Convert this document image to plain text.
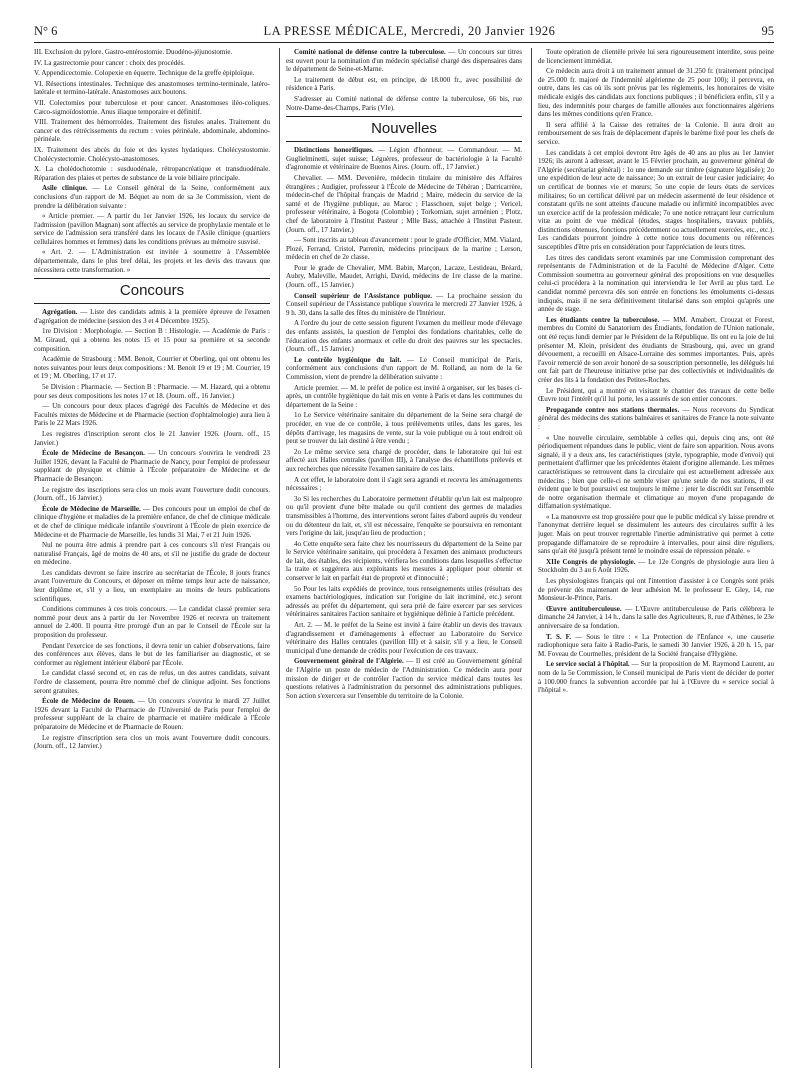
N° 6	LA PRESSE MÉDICALE, Mercredi, 20 Janvier 1926	95

III. Exclusion du pylore. Gastro-entérostomie. Duodéno-jéjunostomie.

IV. La gastrectomie pour cancer : choix des procédés.

V. Appendicectomie. Colopexie en équerre. Technique de la greffe épiploïque.

VI. Résections intestinales. Technique des anastomoses termino-terminale, latéro-latérale et termino-latérale. Anastomoses aux boutons.

VII. Colectomies pour tuberculose et pour cancer. Anastomoses iléo-coliques. Cæco-sigmoïdostomie. Anus iliaque temporaire et définitif.

VIII. Traitement des hémorroïdes. Traitement des fistules anales. Traitement du cancer et des rétrécissements du rectum : voies périnéale, abdominale, abdomino-périnéale.

IX. Traitement des abcès du foie et des kystes hydatiques. Cholécystostomie. Cholécystectomie. Cholécysto-anastomoses.

X. La cholédochotomie : susduodénale, rétropancréatique et transduodénale. Réparation des plaies et pertes de substance de la voie biliaire principale.

Asile clinique. — Le Conseil général de la Seine, conformément aux conclusions d'un rapport de M. Béquet au nom de sa 3e Commission, vient de prendre la délibération suivante :

« Article premier. — A partir du 1er Janvier 1926, les locaux du service de l'admission (pavillon Magnan) sont affectés au service de prophylaxie mentale et le service de l'admission sera transféré dans les locaux de l'Asile clinique (quartiers cellulaires hommes et femmes) dans les conditions prévues au mémoire susvisé.

« Art. 2. — L'Administration est invitée à soumettre à l'Assemblée départementale, dans le plus bref délai, les projets et les devis des travaux que nécessitera cette transformation. »

Concours

Agrégation. — Liste des candidats admis à la première épreuve de l'examen d'agrégation de médecine (session des 3 et 4 Décembre 1925).

1re Division : Morphologie. — Section B : Histologie. — Académie de Paris : M. Giraud, qui a obtenu les notes 15 et 15 pour sa première et sa seconde composition.

Académie de Strasbourg : MM. Benoit, Courrier et Oberling, qui ont obtenu les notes suivantes pour leurs deux compositions : M. Benoit 19 et 19 ; M. Courrier, 19 et 19 ; M. Oberling, 17 et 17.

5e Division : Pharmacie. — Section B : Pharmacie. — M. Hazard, qui a obtenu pour ses deux compositions les notes 17 et 18. (Journ. off., 16 Janvier.)

— Un concours pour deux places d'agrégé des Facultés de Médecine et des Facultés mixtes de Médecine et de Pharmacie (section d'ophtalmologie) aura lieu à Paris le 22 Mars 1926.

Les registres d'inscription seront clos le 21 Janvier 1926. (Journ. off., 15 Janvier.)

École de Médecine de Besançon. — Un concours s'ouvrira le vendredi 23 Juillet 1926, devant la Faculté de Pharmacie de Nancy, pour l'emploi de professeur suppléant de physique et chimie à l'École préparatoire de Médecine et de Pharmacie de Besançon.

Le registre des inscriptions sera clos un mois avant l'ouverture dudit concours. (Journ. off., 16 Janvier.)

École de Médecine de Marseille. — Des concours pour un emploi de chef de clinique d'hygiène et maladies de la première enfance, de chef de clinique médicale et de chef de clinique médicale infantile s'ouvriront à l'École de plein exercice de Médecine et de Pharmacie de Marseille, les lundis 31 Mai, 7 et 21 Juin 1926.

Nul ne pourra être admis à prendre part à ces concours s'il n'est Français ou naturalisé Français, âgé de moins de 40 ans, et s'il ne justifie du grade de docteur en médecine.

Les candidats devront se faire inscrire au secrétariat de l'École, 8 jours francs avant l'ouverture du Concours, et déposer en même temps leur acte de naissance, leur diplôme et, s'il y a lieu, un exemplaire au moins de leurs publications scientifiques.

Conditions communes à ces trois concours. — Le candidat classé premier sera nommé pour deux ans à partir du 1er Novembre 1926 et recevra un traitement annuel de 2.400. Il pourra être prorogé d'un an par le Conseil de l'École sur la proposition du professeur.

Pendant l'exercice de ses fonctions, il devra tenir un cahier d'observations, faire des conférences aux élèves, dans le but de les familiariser au diagnostic, et se conformer au règlement intérieur élaboré par l'École.

Le candidat classé second et, en cas de refus, un des autres candidats, suivant l'ordre de classement, pourra être nommé chef de clinique adjoint. Ses fonctions seront gratuites.

École de Médecine de Rouen. — Un concours s'ouvrira le mardi 27 Juillet 1926 devant la Faculté de Pharmacie de l'Université de Paris pour l'emploi de professeur suppléant de la chaire de pharmacie et matière médicale à l'École préparatoire de Médecine et de Pharmacie de Rouen.

Le registre d'inscription sera clos un mois avant l'ouverture dudit concours. (Journ. off., 12 Janvier.)

Comité national de défense contre la tuberculose. — Un concours sur titres est ouvert pour la nomination d'un médecin spécialisé chargé des dispensaires dans le département de Seine-et-Marne.

Le traitement de début est, en principe, de 18.000 fr., avec possibilité de résidence à Paris.

S'adresser au Comité national de défense contre la tuberculose, 66 bis, rue Notre-Dame-des-Champs, Paris (VIe).

Nouvelles

Distinctions honorifiques. — Légion d'honneur. — Commandeur. — M. Guglielminetti, sujet suisse; Léguères, professeur de bactériologie à la Faculté d'agronomie et vétérinaire de Buenos Aires. (Journ. off., 17 Janvier.)

Chevalier. — MM. Devenière, médecin titulaire du ministère des Affaires étrangères ; Audigier, professeur à l'École de Médecine de Téhéran ; Darricarrère, médecin-chef de l'hôpital français de Madrid ; Maire, médecin du service de la santé et de l'hygiène publique, au Maroc ; Flasschoen, sujet belge ; Vericel, professeur vétérinaire, à Bogota (Colombie) ; Torkomian, sujet arménien ; Plotz, chef de laboratoire à l'Institut Pasteur ; Mlle Bass, attachée à l'Institut Pasteur. (Journ. off., 17 Janvier.)

— Sont inscrits au tableau d'avancement : pour le grade d'Officier, MM. Vialard, Plozé, Ferrand, Cristol, Parrenin, médecins principaux de la marine ; Lerson, médecin en chef de 2e classe.

Pour le grade de Chevalier, MM. Babin, Marçon, Lacaze, Lestideau, Bréard, Aubry, Maleville, Maudet, Arrighi, David, médecins de 1re classe de la marine. (Journ. off., 15 Janvier.)

Conseil supérieur de l'Assistance publique. — La prochaine session du Conseil supérieur de l'Assistance publique s'ouvrira le mercredi 27 Janvier 1926, à 9 h. 30, dans la salle des fêtes du ministère de l'Intérieur.

A l'ordre du jour de cette session figurent l'examen du meilleur mode d'élevage des enfants assistés, la question de l'emploi des fondations charitables, celle de l'éducation des enfants anormaux et celle du droit des pauvres sur les spectacles. (Journ. off., 15 Janvier.)

Le contrôle hygiénique du lait. — Le Conseil municipal de Paris, conformément aux conclusions d'un rapport de M. Rolland, au nom de la 6e Commission, vient de prendre la délibération suivante :

Article premier. — M. le préfet de police est invité à organiser, sur les bases ci-après, un contrôle hygiénique du lait mis en vente à Paris et dans les communes du département de la Seine :

1o Le Service vétérinaire sanitaire du département de la Seine sera chargé de procéder, en vue de ce contrôle, à tous prélèvements utiles, dans les gares, les dépôts d'arrivage, les magasins de vente, sur la voie publique ou à tout endroit où peut se trouver du lait destiné à être vendu ;

2o Le même service sera chargé de procéder, dans le laboratoire qui lui est affecté aux Halles centrales (pavillon III), à l'analyse des échantillons prélevés et aux recherches que nécessite l'examen sanitaire de ces laits.

A cet effet, le laboratoire dont il s'agit sera agrandi et recevra les aménagements nécessaires ;

3o Si les recherches du Laboratoire permettent d'établir qu'un lait est malpropre ou qu'il provient d'une bête malade ou qu'il contient des germes de maladies transmissibles à l'homme, des interventions seront faites d'abord auprès du vendeur ou du détenteur du lait, et, s'il est nécessaire, l'enquête se poursuivra en remontant vers l'origine du lait, jusqu'au lieu de production ;

4o Cette enquête sera faite chez les nourrisseurs du département de la Seine par le Service vétérinaire sanitaire, qui procédera à l'examen des animaux producteurs de lait, des étables, des récipients, vérifiera les conditions dans lesquelles s'effectue la traite et suggérera aux exploitants les mesures à appliquer pour obtenir et conserver le lait en parfait état de propreté et d'innocuité ;

5o Pour les laits expédiés de province, tous renseignements utiles (résultats des examens bactériologiques, indication sur l'origine du lait incriminé, etc.) seront adressés au préfet du département, qui sera prié de faire exercer par ses services vétérinaires sanitaires l'action sanitaire et hygiénique définie à l'article précédent.

Art. 2. — M. le préfet de la Seine est invité à faire établir un devis des travaux d'agrandissement et d'aménagements à effectuer au Laboratoire du Service vétérinaire des Halles centrales (pavillon III) et à saisir, s'il y a lieu, le Conseil municipal d'une demande de crédits pour l'exécution de ces travaux.

Gouvernement général de l'Algérie. — Il est créé au Gouvernement général de l'Algérie un poste de médecin de l'Administration. Ce médecin aura pour mission de diriger et de contrôler l'action du service médical dans toutes les questions relatives à l'administration du personnel des administrations publiques. Son action s'exercera sur l'ensemble du territoire de la Colonie.

Toute opération de clientèle privée lui sera rigoureusement interdite, sous peine de licenciement immédiat.

Ce médecin aura droit à un traitement annuel de 31.250 fr. (traitement principal de 25.000 fr. majoré de l'indemnité algérienne de 25 pour 100); il percevra, en outre, dans les cas où ils sont prévus par les règlements, les honoraires de visite médicale exigés des candidats aux fonctions publiques ; il bénéficiera enfin, s'il y a lieu, des indemnités pour charges de famille allouées aux fonctionnaires algériens dans les mêmes conditions qu'en France.

Il sera affilié à la Caisse des retraites de la Colonie. Il aura droit au remboursement de ses frais de déplacement d'après le barème fixé pour les chefs de service.

Les candidats à cet emploi devront être âgés de 40 ans au plus au 1er Janvier 1926; ils auront à adresser, avant le 15 Février prochain, au gouverneur général de l'Algérie (secrétariat général) : 1o une demande sur timbre (signature légalisée); 2o une expédition de leur acte de naissance; 3o un extrait de leur casier judiciaire; 4o un certificat de bonnes vie et mœurs; 5o une copie de leurs états de services militaires; 6o un certificat délivré par un médecin assermenté de leur résidence et constatant qu'ils ne sont atteints d'aucune maladie ou infirmité incompatibles avec un exercice actif de la profession médicale; 7o une notice retraçant leur curriculum vitæ au point de vue médical (études, stages hospitaliers, travaux publiés, distinctions obtenues, fonctions précédemment ou actuellement exercées, etc., etc.). Les candidats pourront joindre à cette notice tous documents ou références susceptibles d'être pris en considération pour l'appréciation de leurs titres.

Les titres des candidats seront examinés par une Commission comprenant des représentants de l'Administration et de la Faculté de Médecine d'Alger. Cette Commission soumettra au gouverneur général des propositions en vue desquelles celui-ci procédera à la nomination qui interviendra le 1er Avril au plus tard. Le candidat nommé percevra dès son entrée en fonctions les émoluments ci-dessus indiqués, mais il ne sera définitivement titularisé dans son emploi qu'après une année de stage.

Les étudiants contre la tuberculose. — MM. Amabert, Crouzat et Forest, membres du Comité du Sanatorium des Étudiants, fondation de l'Union nationale, ont été reçus lundi dernier par le Président de la République. Ils ont eu la joie de lui présenter M. Klein, président des étudiants de Strasbourg, qui, avec un grand dévouement, a recueilli en Alsace-Lorraine des sommes importantes. Puis, après l'avoir remercié de son avoir honoré de sa souscription personnelle, les délégués lui ont fait part de l'heureuse initiative prise par des collectivités et individualités de créer des lits à la fondation des Petites-Roches.

Le Président, qui a montré en visitant le chantier des travaux de cette belle Œuvre tout l'intérêt qu'il lui porte, les a assurés de son entier concours.

Propagande contre nos stations thermales. — Nous recevons du Syndicat général des médecins des stations balnéaires et sanitaires de France la note suivante :

« Une nouvelle circulaire, semblable à celles qui, depuis cinq ans, ont été périodiquement répandues dans le public, vient de faire son apparition. Nous avons signalé, il y a deux ans, les caractéristiques (style, typographie, mode d'envoi) qui permettaient d'affirmer que les précédentes étaient d'origine allemande. Les mêmes caractéristiques se retrouvent dans la circulaire qui est actuellement adressée aux médecins ; bien que celle-ci ne semble viser qu'une seule de nos stations, il est évident que le but poursuivi est toujours le même : jeter le discrédit sur l'ensemble de notre organisation thermale et climatique au moyen d'une propagande de diffamation systématique.

« La manœuvre est trop grossière pour que le public médical s'y laisse prendre et l'anonymat derrière lequel se dissimulent les auteurs des circulaires suffit à les juger. Mais on peut trouver regrettable l'inertie administrative qui permet à cette propagande diffamatoire de se reproduire à intervalles, pour ainsi dire réguliers, sans qu'ait été jusqu'à présent tenté le moindre essai de répression pénale. »

XIIe Congrès de physiologie. — Le 12e Congrès de physiologie aura lieu à Stockholm du 3 au 6 Août 1926.

Les physiologistes français qui ont l'intention d'assister à ce Congrès sont priés de prévenir dès maintenant de leur adhésion M. le professeur E. Gley, 14, rue Monsieur-le-Prince, Paris.

Œuvre antituberculeuse. — L'Œuvre antituberculeuse de Paris célèbrera le dimanche 24 Janvier, à 14 h., dans la salle des Agriculteurs, 8, rue d'Athènes, le 23e anniversaire de sa fondation.

T. S. F. — Sous le titre : « La Protection de l'Enfance », une causerie radiophonique sera faite à Radio-Paris, le samedi 30 Janvier 1926, à 20 h. 15, par M. Foveau de Courmelles, président de la Société française d'Hygiène.

Le service social à l'hôpital. — Sur la proposition de M. Raymond Laurent, au nom de la 5e Commission, le Conseil municipal de Paris vient de décider de porter à 100.000 francs la subvention accordée par lui à l'Œuvre du « service social à l'hôpital ».
